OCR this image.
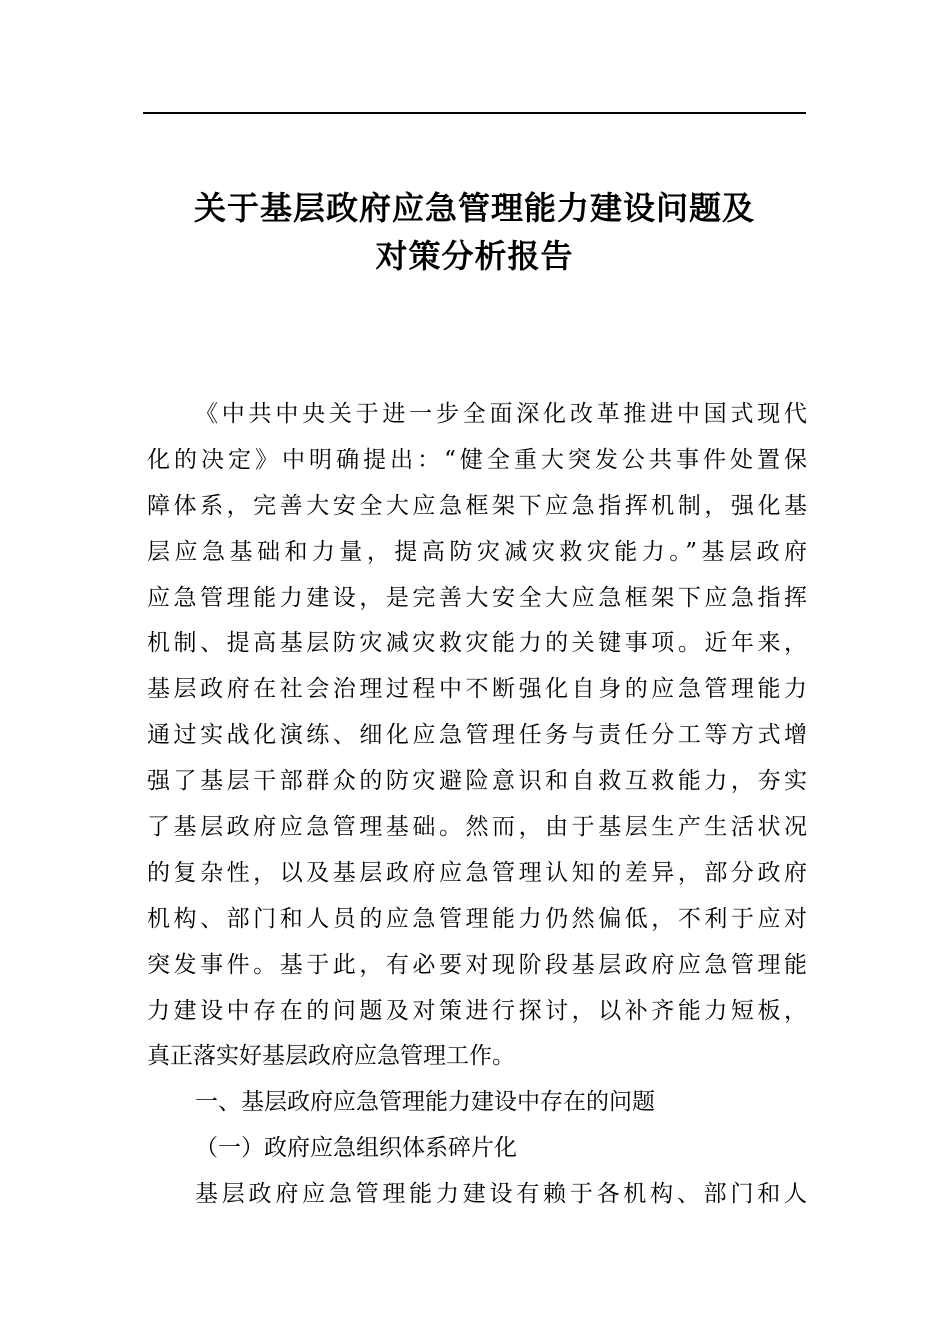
关于基层政府应急管理能力建设问题及
对策分析报告
《中共中央关于进一步全面深化改革推进中国式现代
化的决定》中明确提出：“健全重大突发公共事件处置保
障体系，完善大安全大应急框架下应急指挥机制，强化基
层应急基础和力量，提高防灾减灾救灾能力。”基层政府
应急管理能力建设，是完善大安全大应急框架下应急指挥
机制、提高基层防灾减灾救灾能力的关键事项。近年来，
基层政府在社会治理过程中不断强化自身的应急管理能力
通过实战化演练、细化应急管理任务与责任分工等方式增
强了基层干部群众的防灾避险意识和自救互救能力，夯实
了基层政府应急管理基础。然而，由于基层生产生活状况
的复杂性，以及基层政府应急管理认知的差异，部分政府
机构、部门和人员的应急管理能力仍然偏低，不利于应对
突发事件。基于此，有必要对现阶段基层政府应急管理能
力建设中存在的问题及对策进行探讨，以补齐能力短板，
真正落实好基层政府应急管理工作。
一、基层政府应急管理能力建设中存在的问题
（一）政府应急组织体系碎片化
基层政府应急管理能力建设有赖于各机构、部门和人
